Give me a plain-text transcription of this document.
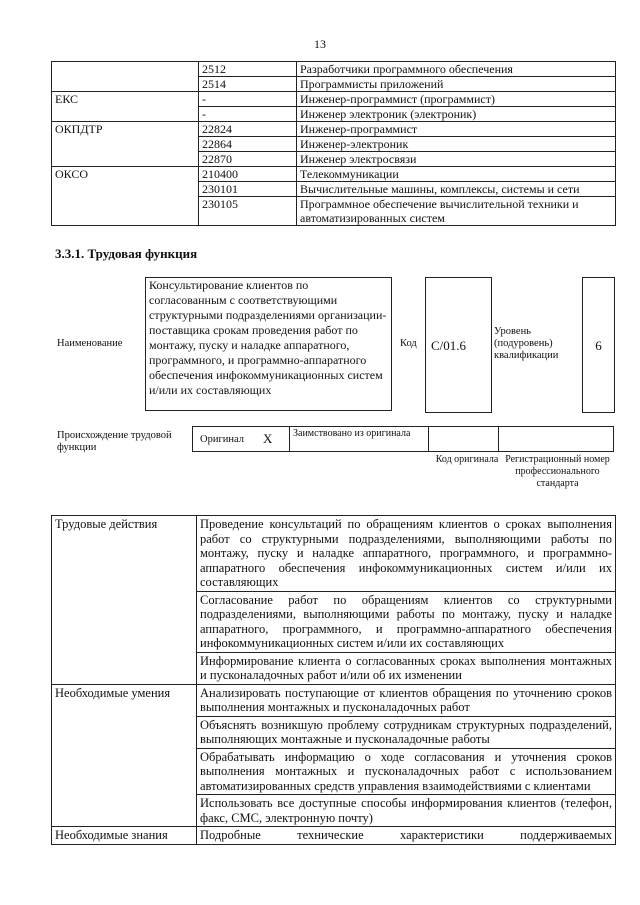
13
	2512	Разработчики программного обеспечения
	2514	Программисты приложений
ЕКС	-	Инженер-программист (программист)
	-	Инженер электроник (электроник)
ОКПДТР	22824	Инженер-программист
	22864	Инженер-электроник
	22870	Инженер электросвязи
ОКСО	210400	Телекоммуникации
	230101	Вычислительные машины, комплексы, системы и сети
	230105	Программное обеспечение вычислительной техники и автоматизированных систем
3.3.1. Трудовая функция
Наименование
Консультирование клиентов по согласованным с соответствующими структурными подразделениями организации-поставщика срокам проведения работ по монтажу, пуску и наладке аппаратного, программного, и программно-аппаратного обеспечения инфокоммуникационных систем и/или их составляющих
Код C/01.6
Уровень (подуровень) квалификации
6
Происхождение трудовой функции
Оригинал X	Заимствовано из оригинала
Код оригинала Регистрационный номер профессионального стандарта
Трудовые действия	Проведение консультаций по обращениям клиентов о сроках выполнения работ со структурными подразделениями, выполняющими работы по монтажу, пуску и наладке аппаратного, программного, и программно-аппаратного обеспечения инфокоммуникационных систем и/или их составляющих
	Согласование работ по обращениям клиентов со структурными подразделениями, выполняющими работы по монтажу, пуску и наладке аппаратного, программного, и программно-аппаратного обеспечения инфокоммуникационных систем и/или их составляющих
	Информирование клиента о согласованных сроках выполнения монтажных и пусконаладочных работ и/или об их изменении
Необходимые умения	Анализировать поступающие от клиентов обращения по уточнению сроков выполнения монтажных и пусконаладочных работ
	Объяснять возникшую проблему сотрудникам структурных подразделений, выполняющих монтажные и пусконаладочные работы
	Обрабатывать информацию о ходе согласования и уточнения сроков выполнения монтажных и пусконаладочных работ с использованием автоматизированных средств управления взаимодействиями с клиентами
	Использовать все доступные способы информирования клиентов (телефон, факс, СМС, электронную почту)
Необходимые знания	Подробные технические характеристики поддерживаемых
